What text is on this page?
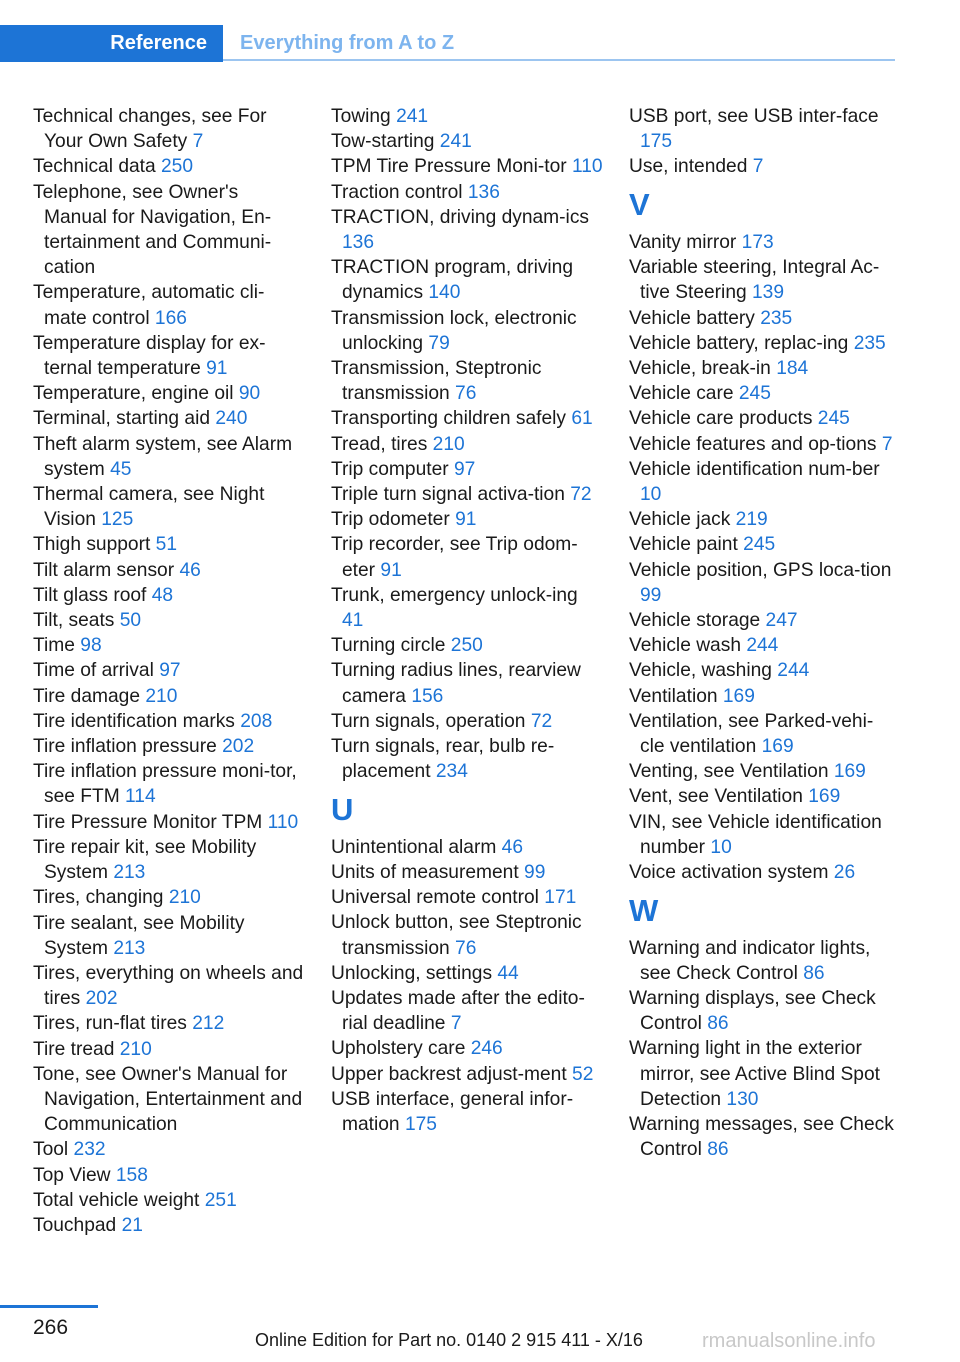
Reference	Everything from A to Z
Technical changes, see For Your Own Safety 7
Technical data 250
Telephone, see Owner's Manual for Navigation, En‐tertainment and Communi‐cation
Temperature, automatic cli‐mate control 166
Temperature display for ex‐ternal temperature 91
Temperature, engine oil 90
Terminal, starting aid 240
Theft alarm system, see Alarm system 45
Thermal camera, see Night Vision 125
Thigh support 51
Tilt alarm sensor 46
Tilt glass roof 48
Tilt, seats 50
Time 98
Time of arrival 97
Tire damage 210
Tire identification marks 208
Tire inflation pressure 202
Tire inflation pressure moni‐tor, see FTM 114
Tire Pressure Monitor TPM 110
Tire repair kit, see Mobility System 213
Tires, changing 210
Tire sealant, see Mobility System 213
Tires, everything on wheels and tires 202
Tires, run-flat tires 212
Tire tread 210
Tone, see Owner's Manual for Navigation, Entertainment and Communication
Tool 232
Top View 158
Total vehicle weight 251
Touchpad 21
Towing 241
Tow-starting 241
TPM Tire Pressure Moni‐tor 110
Traction control 136
TRACTION, driving dynam‐ics 136
TRACTION program, driving dynamics 140
Transmission lock, electronic unlocking 79
Transmission, Steptronic transmission 76
Transporting children safely 61
Tread, tires 210
Trip computer 97
Triple turn signal activa‐tion 72
Trip odometer 91
Trip recorder, see Trip odom‐eter 91
Trunk, emergency unlock‐ing 41
Turning circle 250
Turning radius lines, rearview camera 156
Turn signals, operation 72
Turn signals, rear, bulb re‐placement 234
U
Unintentional alarm 46
Units of measurement 99
Universal remote control 171
Unlock button, see Steptronic transmission 76
Unlocking, settings 44
Updates made after the edito‐rial deadline 7
Upholstery care 246
Upper backrest adjust‐ment 52
USB interface, general infor‐mation 175
USB port, see USB inter‐face 175
Use, intended 7
V
Vanity mirror 173
Variable steering, Integral Ac‐tive Steering 139
Vehicle battery 235
Vehicle battery, replac‐ing 235
Vehicle, break-in 184
Vehicle care 245
Vehicle care products 245
Vehicle features and op‐tions 7
Vehicle identification num‐ber 10
Vehicle jack 219
Vehicle paint 245
Vehicle position, GPS loca‐tion 99
Vehicle storage 247
Vehicle wash 244
Vehicle, washing 244
Ventilation 169
Ventilation, see Parked-vehi‐cle ventilation 169
Venting, see Ventilation 169
Vent, see Ventilation 169
VIN, see Vehicle identification number 10
Voice activation system 26
W
Warning and indicator lights, see Check Control 86
Warning displays, see Check Control 86
Warning light in the exterior mirror, see Active Blind Spot Detection 130
Warning messages, see Check Control 86
266
Online Edition for Part no. 0140 2 915 411 - X/16	rmanualsonline.info
